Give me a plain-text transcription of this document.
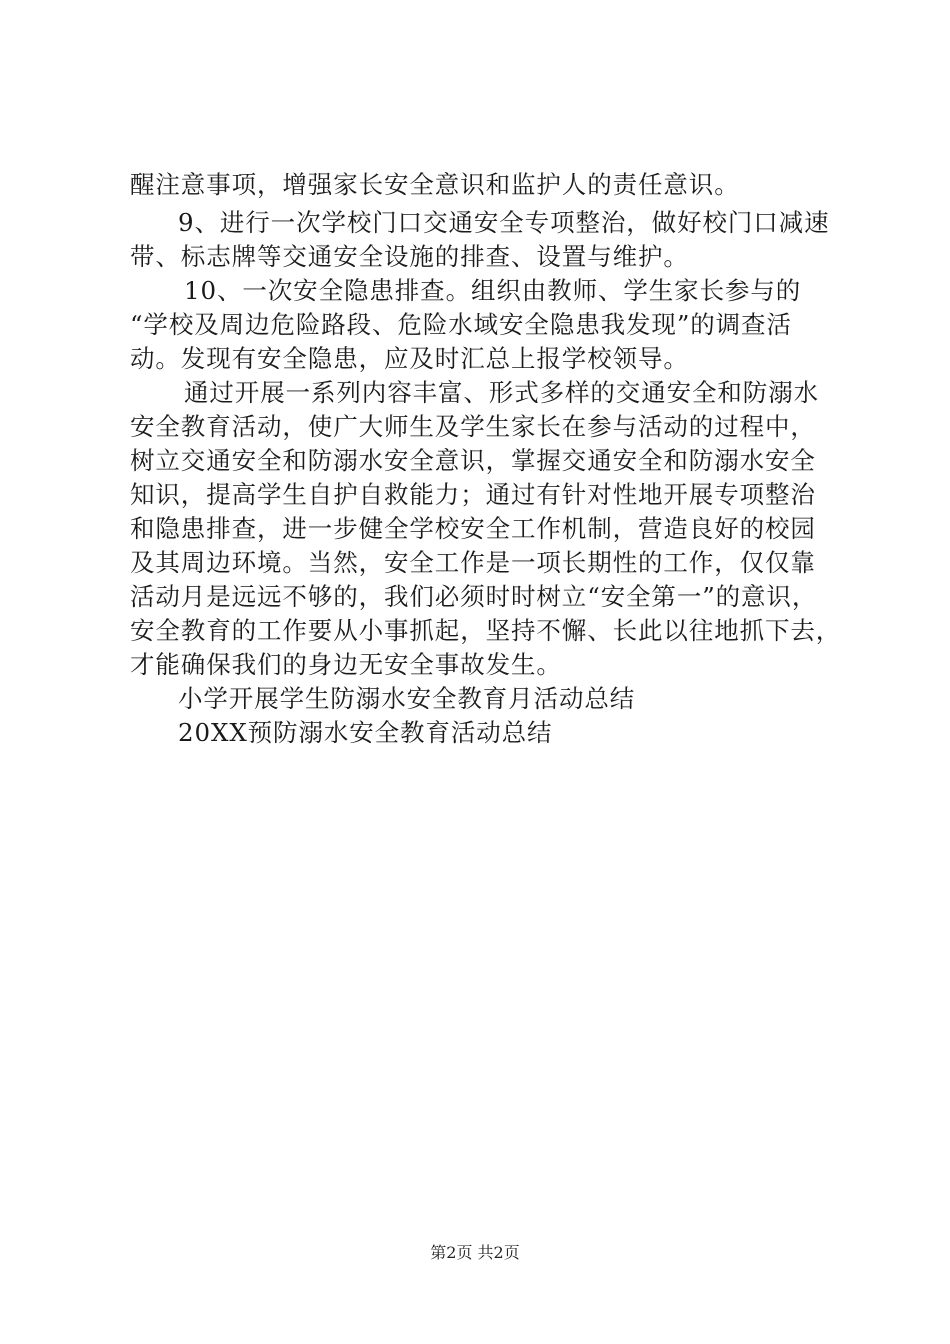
醒注意事项，增强家长安全意识和监护人的责任意识。
9、进行一次学校门口交通安全专项整治，做好校门口减速
带、标志牌等交通安全设施的排查、设置与维护。
10、一次安全隐患排查。组织由教师、学生家长参与的
“学校及周边危险路段、危险水域安全隐患我发现”的调查活
动。发现有安全隐患，应及时汇总上报学校领导。
通过开展一系列内容丰富、形式多样的交通安全和防溺水
安全教育活动，使广大师生及学生家长在参与活动的过程中，
树立交通安全和防溺水安全意识，掌握交通安全和防溺水安全
知识，提高学生自护自救能力；通过有针对性地开展专项整治
和隐患排查，进一步健全学校安全工作机制，营造良好的校园
及其周边环境。当然，安全工作是一项长期性的工作，仅仅靠
活动月是远远不够的，我们必须时时树立“安全第一”的意识，
安全教育的工作要从小事抓起，坚持不懈、长此以往地抓下去，
才能确保我们的身边无安全事故发生。
小学开展学生防溺水安全教育月活动总结
20XX预防溺水安全教育活动总结
第2页 共2页
